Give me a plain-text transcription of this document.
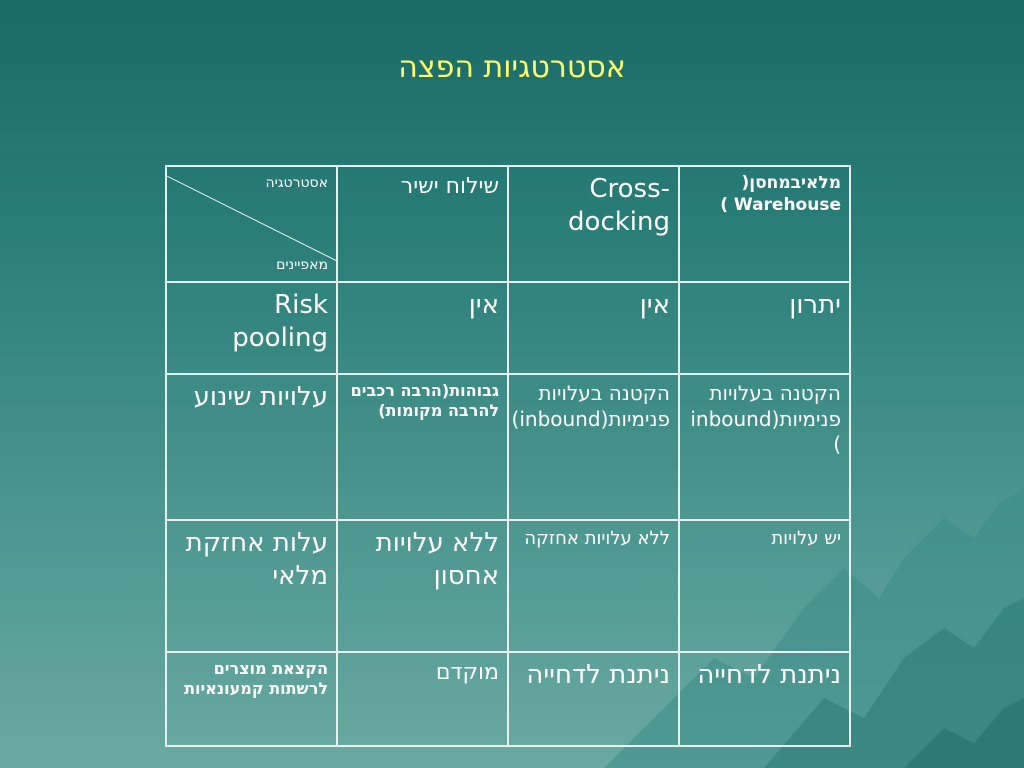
אסטרטגיות הפצה
מלאיבמחסן( Warehouse )	Cross-docking	שילוח ישיר	אסטרטגיה
מאפיינים

יתרון	אין	אין	Risk pooling
הקטנה בעלויות פנימיות(inbound )	הקטנה בעלויות פנימיות(inbound)	גבוהות(הרבה רכבים להרבה מקומות)	עלויות שינוע
יש עלויות	ללא עלויות אחזקה	ללא עלויות אחסון	עלות אחזקת מלאי
ניתנת לדחייה	ניתנת לדחייה	מוקדם	הקצאת מוצרים לרשתות קמעונאיות
